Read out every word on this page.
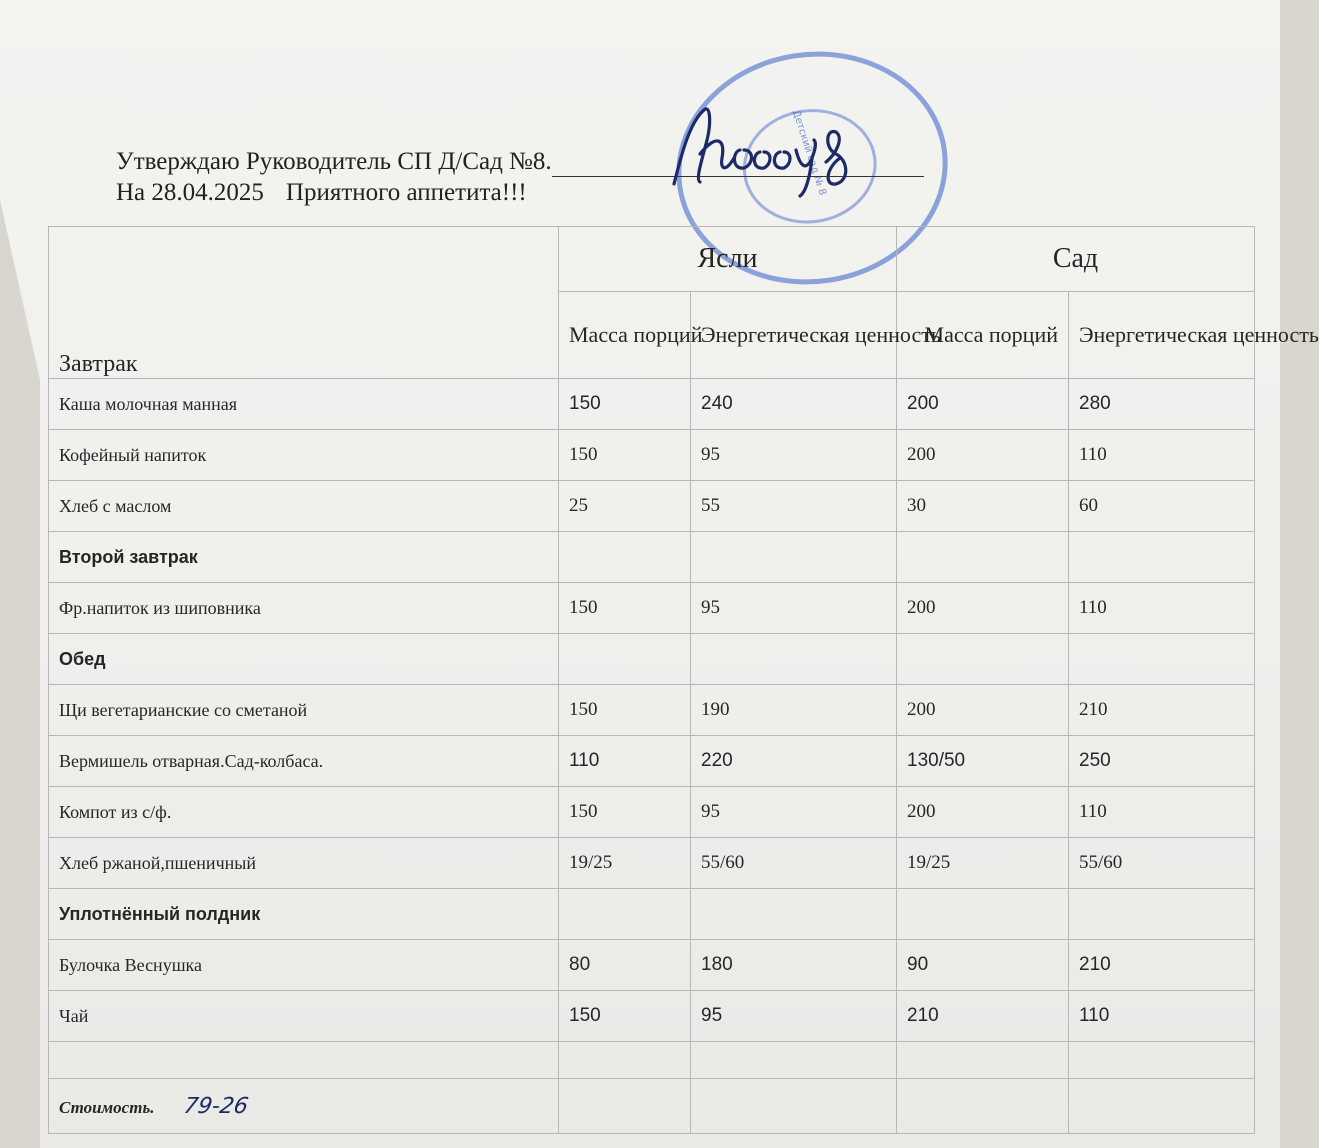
Детский сад № 8
Утверждаю Руководитель СП Д/Сад №8.
На 28.04.2025 Приятного аппетита!!!
Завтрак	Ясли		Сад	
	Масса порций	Энергетическая ценность	Масса порций	Энергетическая ценность
Каша молочная манная	150	240	200	280
Кофейный напиток	150	95	200	110
Хлеб с маслом	25	55	30	60
Второй завтрак				
Фр.напиток из шиповника	150	95	200	110
Обед				
Щи вегетарианские со сметаной	150	190	200	210
Вермишель отварная.Сад-колбаса.	110	220	130/50	250
Компот из с/ф.	150	95	200	110
Хлеб ржаной,пшеничный	19/25	55/60	19/25	55/60
Уплотнённый полдник				
Булочка Веснушка	80	180	90	210
Чай	150	95	210	110

Стоимость. 79-26				
